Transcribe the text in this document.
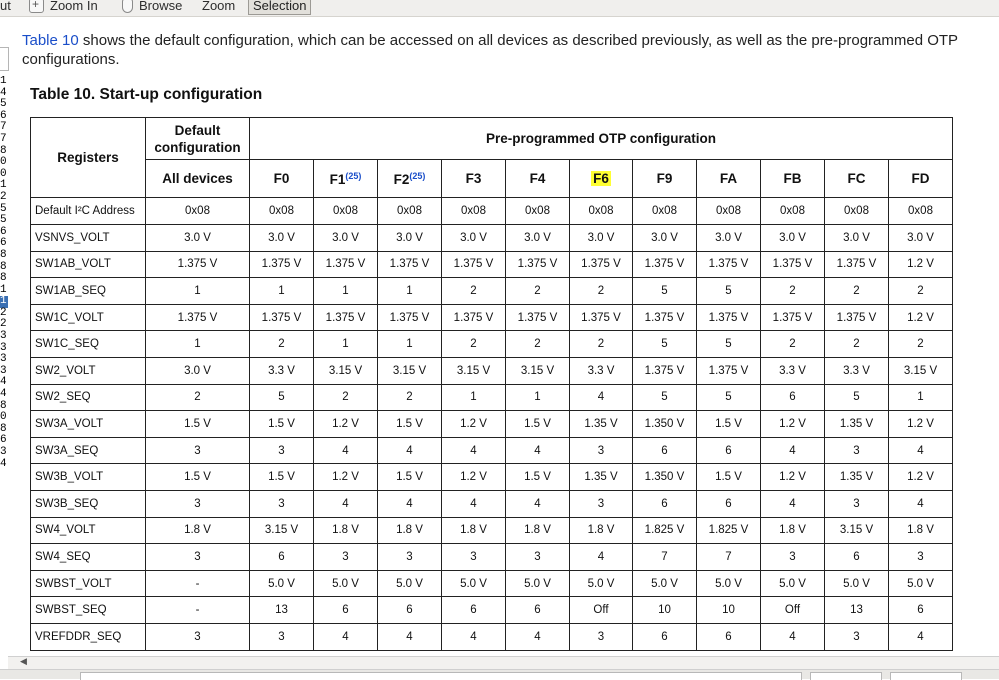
ut +	Zoom In	Browse Zoom	Selection
1
4
5
6
7
7
8
0
0
1
2
5
5
6
6
8
8
8
1
1
2
2
3
3
3
3
4
4
8
0
8
6
3
4
Table 10 shows the default configuration, which can be accessed on all devices as described previously, as well as the pre-programmed OTP configurations.
Table 10. Start-up configuration
Registers	Default configuration	Pre-programmed OTP configuration										
	All devices	F0	F1$^{(25)}$	F2$^{(25)}$	F3	F4	F6	F9	FA	FB	FC	FD
Default I²C Address	0x08	0x08	0x08	0x08	0x08	0x08	0x08	0x08	0x08	0x08	0x08	0x08
VSNVS_VOLT	3.0 V	3.0 V	3.0 V	3.0 V	3.0 V	3.0 V	3.0 V	3.0 V	3.0 V	3.0 V	3.0 V	3.0 V
SW1AB_VOLT	1.375 V	1.375 V	1.375 V	1.375 V	1.375 V	1.375 V	1.375 V	1.375 V	1.375 V	1.375 V	1.375 V	1.2 V
SW1AB_SEQ	1	1	1	1	2	2	2	5	5	2	2	2
SW1C_VOLT	1.375 V	1.375 V	1.375 V	1.375 V	1.375 V	1.375 V	1.375 V	1.375 V	1.375 V	1.375 V	1.375 V	1.2 V
SW1C_SEQ	1	2	1	1	2	2	2	5	5	2	2	2
SW2_VOLT	3.0 V	3.3 V	3.15 V	3.15 V	3.15 V	3.15 V	3.3 V	1.375 V	1.375 V	3.3 V	3.3 V	3.15 V
SW2_SEQ	2	5	2	2	1	1	4	5	5	6	5	1
SW3A_VOLT	1.5 V	1.5 V	1.2 V	1.5 V	1.2 V	1.5 V	1.35 V	1.350 V	1.5 V	1.2 V	1.35 V	1.2 V
SW3A_SEQ	3	3	4	4	4	4	3	6	6	4	3	4
SW3B_VOLT	1.5 V	1.5 V	1.2 V	1.5 V	1.2 V	1.5 V	1.35 V	1.350 V	1.5 V	1.2 V	1.35 V	1.2 V
SW3B_SEQ	3	3	4	4	4	4	3	6	6	4	3	4
SW4_VOLT	1.8 V	3.15 V	1.8 V	1.8 V	1.8 V	1.8 V	1.8 V	1.825 V	1.825 V	1.8 V	3.15 V	1.8 V
SW4_SEQ	3	6	3	3	3	3	4	7	7	3	6	3
SWBST_VOLT	-	5.0 V	5.0 V	5.0 V	5.0 V	5.0 V	5.0 V	5.0 V	5.0 V	5.0 V	5.0 V	5.0 V
SWBST_SEQ	-	13	6	6	6	6	Off	10	10	Off	13	6
VREFDDR_SEQ	3	3	4	4	4	4	3	6	6	4	3	4
◀
